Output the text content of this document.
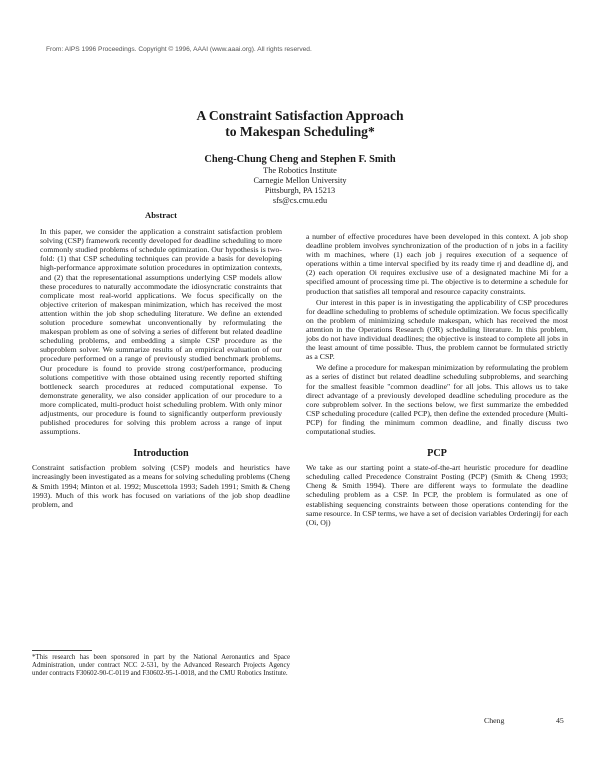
From: AIPS 1996 Proceedings. Copyright © 1996, AAAI (www.aaai.org). All rights reserved.
A Constraint Satisfaction Approach
to Makespan Scheduling*
Cheng-Chung Cheng and Stephen F. Smith
The Robotics Institute
Carnegie Mellon University
Pittsburgh, PA 15213
sfs@cs.cmu.edu
Abstract

In this paper, we consider the application a constraint satisfaction problem solving (CSP) framework recently developed for deadline scheduling to more commonly studied problems of schedule optimization. Our hypothesis is two-fold: (1) that CSP scheduling techniques can provide a basis for developing high-performance approximate solution procedures in optimization contexts, and (2) that the representational assumptions underlying CSP models allow these procedures to naturally accommodate the idiosyncratic constraints that complicate most real-world applications. We focus specifically on the objective criterion of makespan minimization, which has received the most attention within the job shop scheduling literature. We define an extended solution procedure somewhat unconventionally by reformulating the makespan problem as one of solving a series of different but related deadline scheduling problems, and embedding a simple CSP procedure as the subproblem solver. We summarize results of an empirical evaluation of our procedure performed on a range of previously studied benchmark problems. Our procedure is found to provide strong cost/performance, producing solutions competitive with those obtained using recently reported shifting bottleneck search procedures at reduced computational expense. To demonstrate generality, we also consider application of our procedure to a more complicated, multi-product hoist scheduling problem. With only minor adjustments, our procedure is found to significantly outperform previously published procedures for solving this problem across a range of input assumptions.

Introduction

Constraint satisfaction problem solving (CSP) models and heuristics have increasingly been investigated as a means for solving scheduling problems (Cheng & Smith 1994; Minton et al. 1992; Muscettola 1993; Sadeh 1991; Smith & Cheng 1993). Much of this work has focused on variations of the job shop deadline problem, and

*This research has been sponsored in part by the National Aeronautics and Space Administration, under contract NCC 2-531, by the Advanced Research Projects Agency under contracts F30602-90-C-0119 and F30602-95-1-0018, and the CMU Robotics Institute.

a number of effective procedures have been developed in this context. A job shop deadline problem involves synchronization of the production of n jobs in a facility with m machines, where (1) each job j requires execution of a sequence of operations within a time interval specified by its ready time rj and deadline dj, and (2) each operation Oi requires exclusive use of a designated machine Mi for a specified amount of processing time pi. The objective is to determine a schedule for production that satisfies all temporal and resource capacity constraints.

Our interest in this paper is in investigating the applicability of CSP procedures for deadline scheduling to problems of schedule optimization. We focus specifically on the problem of minimizing schedule makespan, which has received the most attention in the Operations Research (OR) scheduling literature. In this problem, jobs do not have individual deadlines; the objective is instead to complete all jobs in the least amount of time possible. Thus, the problem cannot be formulated strictly as a CSP.

We define a procedure for makespan minimization by reformulating the problem as a series of distinct but related deadline scheduling subproblems, and searching for the smallest feasible "common deadline" for all jobs. This allows us to take direct advantage of a previously developed deadline scheduling procedure as the core subproblem solver. In the sections below, we first summarize the embedded CSP scheduling procedure (called PCP), then define the extended procedure (Multi-PCP) for finding the minimum common deadline, and finally discuss two computational studies.

PCP

We take as our starting point a state-of-the-art heuristic procedure for deadline scheduling called Precedence Constraint Posting (PCP) (Smith & Cheng 1993; Cheng & Smith 1994). There are different ways to formulate the deadline scheduling problem as a CSP. In PCP, the problem is formulated as one of establishing sequencing constraints between those operations contending for the same resource. In CSP terms, we have a set of decision variables Orderingij for each (Oi, Oj)

Cheng	45
